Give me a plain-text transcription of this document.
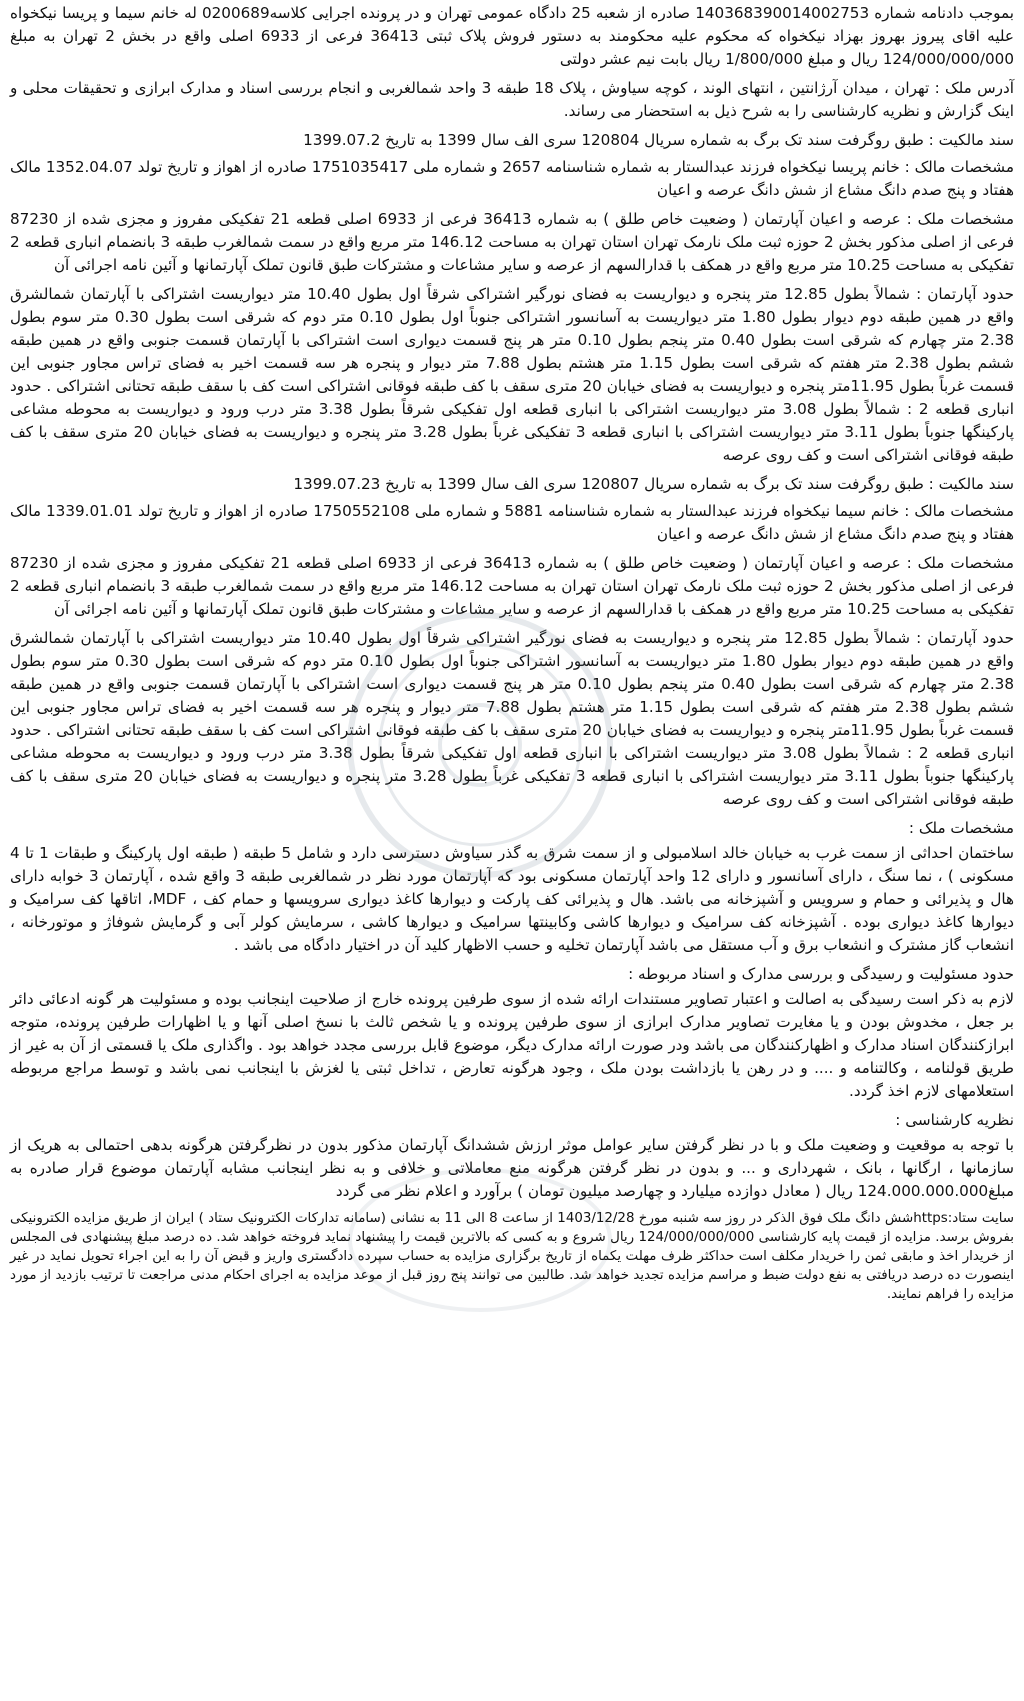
بموجب دادنامه شماره 140368390014002753 صادره از شعبه 25 دادگاه عمومی تهران و در پرونده اجرایی کلاسه0200689 له خانم سیما و پریسا نیکخواه علیه اقای پیروز بهروز بهزاد نیکخواه که محکوم علیه محکومند به دستور فروش پلاک ثبتی 36413 فرعی از 6933 اصلی واقع در بخش 2 تهران به مبلغ 124/000/000/000 ریال و مبلغ 1/800/000 ریال بابت نیم عشر دولتی

آدرس ملک : تهران ، میدان آرژانتین ، انتهای الوند ، کوچه سیاوش ، پلاک 18 طبقه 3 واحد شمالغربی و انجام بررسی اسناد و مدارک ابرازی و تحقیقات محلی و اینک گزارش و نظریه کارشناسی را به شرح ذیل به استحضار می رساند.

سند مالکیت : طبق روگرفت سند تک برگ به شماره سریال 120804 سری الف سال 1399 به تاریخ 1399.07.2

مشخصات مالک : خانم پریسا نیکخواه فرزند عبدالستار به شماره شناسنامه 2657 و شماره ملی 1751035417 صادره از اهواز و تاریخ تولد 1352.04.07 مالک هفتاد و پنج صدم دانگ مشاع از شش دانگ عرصه و اعیان

مشخصات ملک : عرصه و اعیان آپارتمان ( وضعیت خاص طلق ) به شماره 36413 فرعی از 6933 اصلی قطعه 21 تفکیکی مفروز و مجزی شده از 87230 فرعی از اصلی مذکور بخش 2 حوزه ثبت ملک نارمک تهران استان تهران به مساحت 146.12 متر مربع واقع در سمت شمالغرب طبقه 3 بانضمام انباری قطعه 2 تفکیکی به مساحت 10.25 متر مربع واقع در همکف با قدارالسهم از عرصه و سایر مشاعات و مشترکات طبق قانون تملک آپارتمانها و آئین نامه اجرائی آن

حدود آپارتمان : شمالاً بطول 12.85 متر پنجره و دیواریست به فضای نورگیر اشتراکی شرقاً اول بطول 10.40 متر دیواریست اشتراکی با آپارتمان شمالشرق واقع در همین طبقه دوم دیوار بطول 1.80 متر دیواریست به آسانسور اشتراکی جنوباً اول بطول 0.10 متر دوم که شرقی است بطول 0.30 متر سوم بطول 2.38 متر چهارم که شرقی است بطول 0.40 متر پنجم بطول 0.10 متر هر پنج قسمت دیواری است اشتراکی با آپارتمان قسمت جنوبی واقع در همین طبقه ششم بطول 2.38 متر هفتم که شرقی است بطول 1.15 متر هشتم بطول 7.88 متر دیوار و پنجره هر سه قسمت اخیر به فضای تراس مجاور جنوبی این قسمت غرباً بطول 11.95متر پنجره و دیواریست به فضای خیابان 20 متری سقف با کف طبقه فوقانی اشتراکی است کف با سقف طبقه تحتانی اشتراکی . حدود انباری قطعه 2 : شمالاً بطول 3.08 متر دیواریست اشتراکی با انباری قطعه اول تفکیکی شرقاً بطول 3.38 متر درب ورود و دیواریست به محوطه مشاعی پارکینگها جنوباً بطول 3.11 متر دیواریست اشتراکی با انباری قطعه 3 تفکیکی غرباً بطول 3.28 متر پنجره و دیواریست به فضای خیابان 20 متری سقف با کف طبقه فوقانی اشتراکی است و کف روی عرصه

سند مالکیت : طبق روگرفت سند تک برگ به شماره سریال 120807 سری الف سال 1399 به تاریخ 1399.07.23

مشخصات مالک : خانم سیما نیکخواه فرزند عبدالستار به شماره شناسنامه 5881 و شماره ملی 1750552108 صادره از اهواز و تاریخ تولد 1339.01.01 مالک هفتاد و پنج صدم دانگ مشاع از شش دانگ عرصه و اعیان

مشخصات ملک : عرصه و اعیان آپارتمان ( وضعیت خاص طلق ) به شماره 36413 فرعی از 6933 اصلی قطعه 21 تفکیکی مفروز و مجزی شده از 87230 فرعی از اصلی مذکور بخش 2 حوزه ثبت ملک نارمک تهران استان تهران به مساحت 146.12 متر مربع واقع در سمت شمالغرب طبقه 3 بانضمام انباری قطعه 2 تفکیکی به مساحت 10.25 متر مربع واقع در همکف با قدارالسهم از عرصه و سایر مشاعات و مشترکات طبق قانون تملک آپارتمانها و آئین نامه اجرائی آن

حدود آپارتمان : شمالاً بطول 12.85 متر پنجره و دیواریست به فضای نورگیر اشتراکی شرقاً اول بطول 10.40 متر دیواریست اشتراکی با آپارتمان شمالشرق واقع در همین طبقه دوم دیوار بطول 1.80 متر دیواریست به آسانسور اشتراکی جنوباً اول بطول 0.10 متر دوم که شرقی است بطول 0.30 متر سوم بطول 2.38 متر چهارم که شرقی است بطول 0.40 متر پنجم بطول 0.10 متر هر پنج قسمت دیواری است اشتراکی با آپارتمان قسمت جنوبی واقع در همین طبقه ششم بطول 2.38 متر هفتم که شرقی است بطول 1.15 متر هشتم بطول 7.88 متر دیوار و پنجره هر سه قسمت اخیر به فضای تراس مجاور جنوبی این قسمت غرباً بطول 11.95متر پنجره و دیواریست به فضای خیابان 20 متری سقف با کف طبقه فوقانی اشتراکی است کف با سقف طبقه تحتانی اشتراکی . حدود انباری قطعه 2 : شمالاً بطول 3.08 متر دیواریست اشتراکی با انباری قطعه اول تفکیکی شرقاً بطول 3.38 متر درب ورود و دیواریست به محوطه مشاعی پارکینگها جنوباً بطول 3.11 متر دیواریست اشتراکی با انباری قطعه 3 تفکیکی غرباً بطول 3.28 متر پنجره و دیواریست به فضای خیابان 20 متری سقف با کف طبقه فوقانی اشتراکی است و کف روی عرصه

مشخصات ملک :

ساختمان احداثی از سمت غرب به خیابان خالد اسلامبولی و از سمت شرق به گذر سیاوش دسترسی دارد و شامل 5 طبقه ( طبقه اول پارکینگ و طبقات 1 تا 4 مسکونی ) ، نما سنگ ، دارای آسانسور و دارای 12 واحد آپارتمان مسکونی بود که آپارتمان مورد نظر در شمالغربی طبقه 3 واقع شده ، آپارتمان 3 خوابه دارای هال و پذیرائی و حمام و سرویس و آشپزخانه می باشد. هال و پذیرائی کف پارکت و دیوارها کاغذ دیواری سرویسها و حمام کف ، MDF، اتاقها کف سرامیک و دیوارها کاغذ دیواری بوده . آشپزخانه کف سرامیک و دیوارها کاشی وکابینتها سرامیک و دیوارها کاشی ، سرمایش کولر آبی و گرمایش شوفاژ و موتورخانه ، انشعاب گاز مشترک و انشعاب برق و آب مستقل می باشد آپارتمان تخلیه و حسب الاظهار کلید آن در اختیار دادگاه می باشد .

حدود مسئولیت و رسیدگی و بررسی مدارک و اسناد مربوطه :

لازم به ذکر است رسیدگی به اصالت و اعتبار تصاویر مستندات ارائه شده از سوی طرفین پرونده خارج از صلاحیت اینجانب بوده و مسئولیت هر گونه ادعائی دائر بر جعل ، مخدوش بودن و یا مغایرت تصاویر مدارک ابرازی از سوی طرفین پرونده و یا شخص ثالث با نسخ اصلی آنها و یا اظهارات طرفین پرونده، متوجه ابرازکنندگان اسناد مدارک و اظهارکنندگان می باشد ودر صورت ارائه مدارک دیگر، موضوع قابل بررسی مجدد خواهد بود . واگذاری ملک یا قسمتی از آن به غیر از طریق قولنامه ، وکالتنامه و .... و در رهن یا بازداشت بودن ملک ، وجود هرگونه تعارض ، تداخل ثبتی یا لغزش با اینجانب نمی باشد و توسط مراجع مربوطه استعلامهای لازم اخذ گردد.

نظریه کارشناسی :

با توجه به موقعیت و وضعیت ملک و با در نظر گرفتن سایر عوامل موثر ارزش ششدانگ آپارتمان مذکور بدون در نظرگرفتن هرگونه بدهی احتمالی به هریک از سازمانها ، ارگانها ، بانک ، شهرداری و ... و بدون در نظر گرفتن هرگونه منع معاملاتی و خلافی و به نظر اینجانب مشابه آپارتمان موضوع قرار صادره به مبلغ124.000.000.000 ریال ( معادل دوازده میلیارد و چهارصد میلیون تومان ) برآورد و اعلام نظر می گردد

سایت ستاد:httpsشش دانگ ملک فوق الذکر در روز سه شنبه مورخ 1403/12/28 از ساعت 8 الی 11 به نشانی (سامانه تدارکات الکترونیک ستاد ) ایران از طریق مزایده الکترونیکی بفروش برسد. مزایده از قیمت پایه کارشناسی 124/000/000/000 ریال شروع و به کسی که بالاترین قیمت را پیشنهاد نماید فروخته خواهد شد. ده درصد مبلغ پیشنهادی فی المجلس از خریدار اخذ و مابقی ثمن را خریدار مکلف است حداکثر ظرف مهلت یکماه از تاریخ برگزاری مزایده به حساب سپرده دادگستری واریز و قبض آن را به این اجراء تحویل نماید در غیر اینصورت ده درصد دریافتی به نفع دولت ضبط و مراسم مزایده تجدید خواهد شد. طالبین می توانند پنج روز قبل از موعد مزایده به اجرای احکام مدنی مراجعت تا ترتیب بازدید از مورد مزایده را فراهم نمایند.
